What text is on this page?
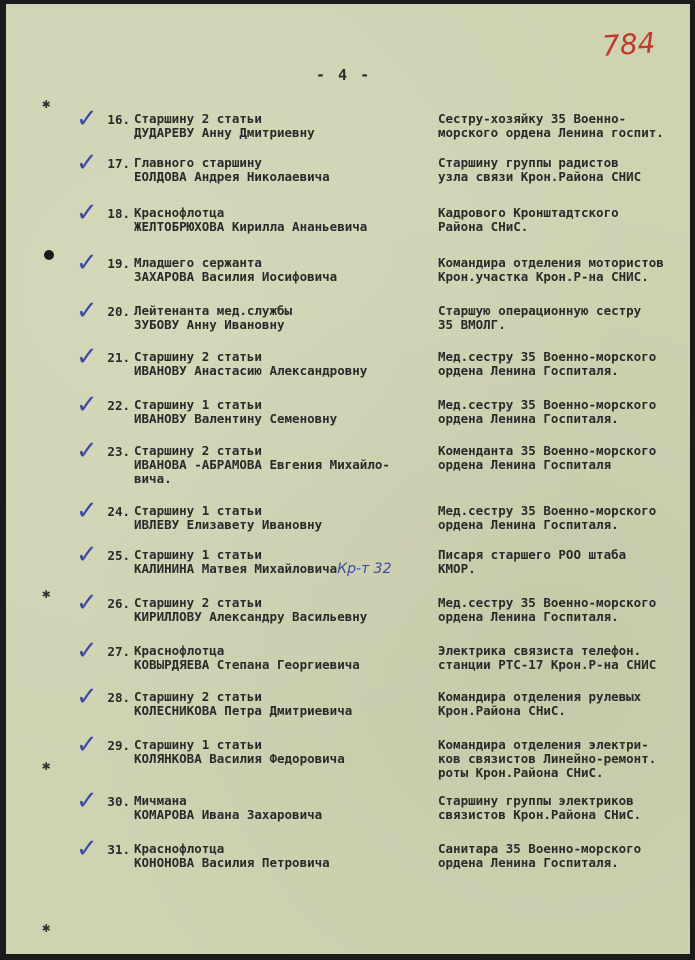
784
- 4 -
✱
✱
✱
✱
✓ 16. Старшину 2 статьи
ДУДАРЕВУ Анну Дмитриевну
Сестру-хозяйку 35 Военно-
морского ордена Ленина госпит.
✓ 17. Главного старшину
ЕОЛДОВА Андрея Николаевича
Старшину группы радистов
узла связи Крон.Района СНИС
✓ 18. Краснофлотца
ЖЕЛТОБРЮХОВА Кирилла Ананьевича
Кадрового Кронштадтского
Района СНиС.
✓ 19. Младшего сержанта
ЗАХАРОВА Василия Иосифовича
Командира отделения мотористов
Крон.участка Крон.Р-на СНИС.
✓ 20. Лейтенанта мед.службы
ЗУБОВУ Анну Ивановну
Старшую операционную сестру
35 ВМОЛГ.
✓ 21. Старшину 2 статьи
ИВАНОВУ Анастасию Александровну
Мед.сестру 35 Военно-морского
ордена Ленина Госпиталя.
✓ 22. Старшину 1 статьи
ИВАНОВУ Валентину Семеновну
Мед.сестру 35 Военно-морского
ордена Ленина Госпиталя.
✓ 23. Старшину 2 статьи
ИВАНОВА -АБРАМОВА Евгения Михайло-
вича.
Коменданта 35 Военно-морского
ордена Ленина Госпиталя
✓ 24. Старшину 1 статьи
ИВЛЕВУ Елизавету Ивановну
Мед.сестру 35 Военно-морского
ордена Ленина Госпиталя.
✓ 25. Старшину 1 статьи
КАЛИНИНА Матвея МихайловичаКр-т 32
Писаря старшего РОО штаба
КМОР.
✓ 26. Старшину 2 статьи
КИРИЛЛОВУ Александру Васильевну
Мед.сестру 35 Военно-морского
ордена Ленина Госпиталя.
✓ 27. Краснофлотца
КОВЫРДЯЕВА Степана Георгиевича
Электрика связиста телефон.
станции РТС-17 Крон.Р-на СНИС
✓ 28. Старшину 2 статьи
КОЛЕСНИКОВА Петра Дмитриевича
Командира отделения рулевых
Крон.Района СНиС.
✓ 29. Старшину 1 статьи
КОЛЯНКОВА Василия Федоровича
Командира отделения электри-
ков связистов Линейно-ремонт.
роты Крон.Района СНиС.
✓ 30. Мичмана
КОМАРОВА Ивана Захаровича
Старшину группы электриков
связистов Крон.Района СНиС.
✓ 31. Краснофлотца
КОНОНОВА Василия Петровича
Санитара 35 Военно-морского
ордена Ленина Госпиталя.
